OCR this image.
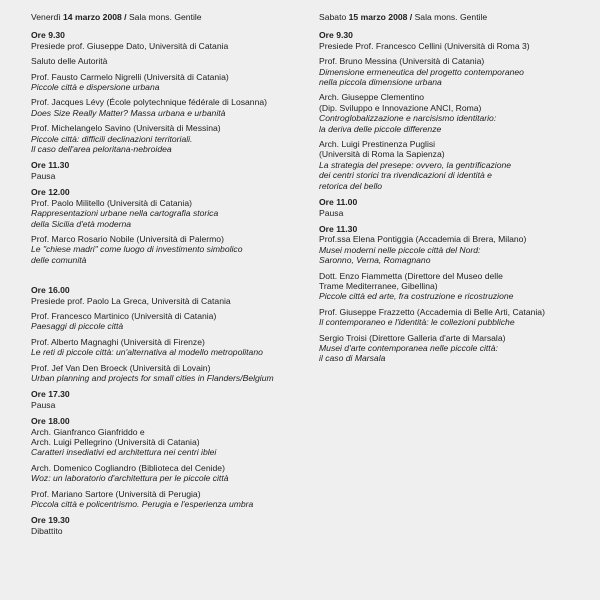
Venerdì 14 marzo 2008 / Sala mons. Gentile
Ore 9.30
Presiede prof. Giuseppe Dato, Università di Catania
Saluto delle Autorità
Prof. Fausto Carmelo Nigrelli (Università di Catania)
Piccole città e dispersione urbana
Prof. Jacques Lévy (École polytechnique fédérale di Losanna)
Does Size Really Matter? Massa urbana e urbanità
Prof. Michelangelo Savino (Università di Messina)
Piccole città: difficili declinazioni territoriali.
Il caso dell'area peloritana-nebroidea
Ore 11.30
Pausa
Ore 12.00
Prof. Paolo Militello (Università di Catania)
Rappresentazioni urbane nella cartografia storica
della Sicilia d'età moderna
Prof. Marco Rosario Nobile (Università di Palermo)
Le "chiese madri" come luogo di investimento simbolico
delle comunità
Ore 16.00
Presiede prof. Paolo La Greca, Università di Catania
Prof. Francesco Martinico (Università di Catania)
Paesaggi di piccole città
Prof. Alberto Magnaghi (Università di Firenze)
Le reti di piccole città: un'alternativa al modello metropolitano
Prof. Jef Van Den Broeck (Università di Lovain)
Urban planning and projects for small cities in Flanders/Belgium
Ore 17.30
Pausa
Ore 18.00
Arch. Gianfranco Gianfriddo e
Arch. Luigi Pellegrino (Università di Catania)
Caratteri insediativi ed architettura nei centri iblei
Arch. Domenico Cogliandro (Biblioteca del Cenide)
Woz: un laboratorio d'architettura per le piccole città
Prof. Mariano Sartore (Università di Perugia)
Piccola città e policentrismo. Perugia e l'esperienza umbra
Ore 19.30
Dibattito
Sabato 15 marzo 2008 / Sala mons. Gentile
Ore 9.30
Presiede Prof. Francesco Cellini (Università di Roma 3)
Prof. Bruno Messina (Università di Catania)
Dimensione ermeneutica del progetto contemporaneo
nella piccola dimensione urbana
Arch. Giuseppe Clementino
(Dip. Sviluppo e Innovazione ANCI, Roma)
Controglobalizzazione e narcisismo identitario:
la deriva delle piccole differenze
Arch. Luigi Prestinenza Puglisi
(Università di Roma la Sapienza)
La strategia del presepe: ovvero, la gentrificazione
dei centri storici tra rivendicazioni di identità e
retorica del bello
Ore 11.00
Pausa
Ore 11.30
Prof.ssa Elena Pontiggia (Accademia di Brera, Milano)
Musei moderni nelle piccole città del Nord:
Saronno, Verna, Romagnano
Dott. Enzo Fiammetta (Direttore del Museo delle
Trame Mediterranee, Gibellina)
Piccole città ed arte, fra costruzione e ricostruzione
Prof. Giuseppe Frazzetto (Accademia di Belle Arti, Catania)
Il contemporaneo e l'identità: le collezioni pubbliche
Sergio Troisi (Direttore Galleria d'arte di Marsala)
Musei d'arte contemporanea nelle piccole città:
il caso di Marsala
